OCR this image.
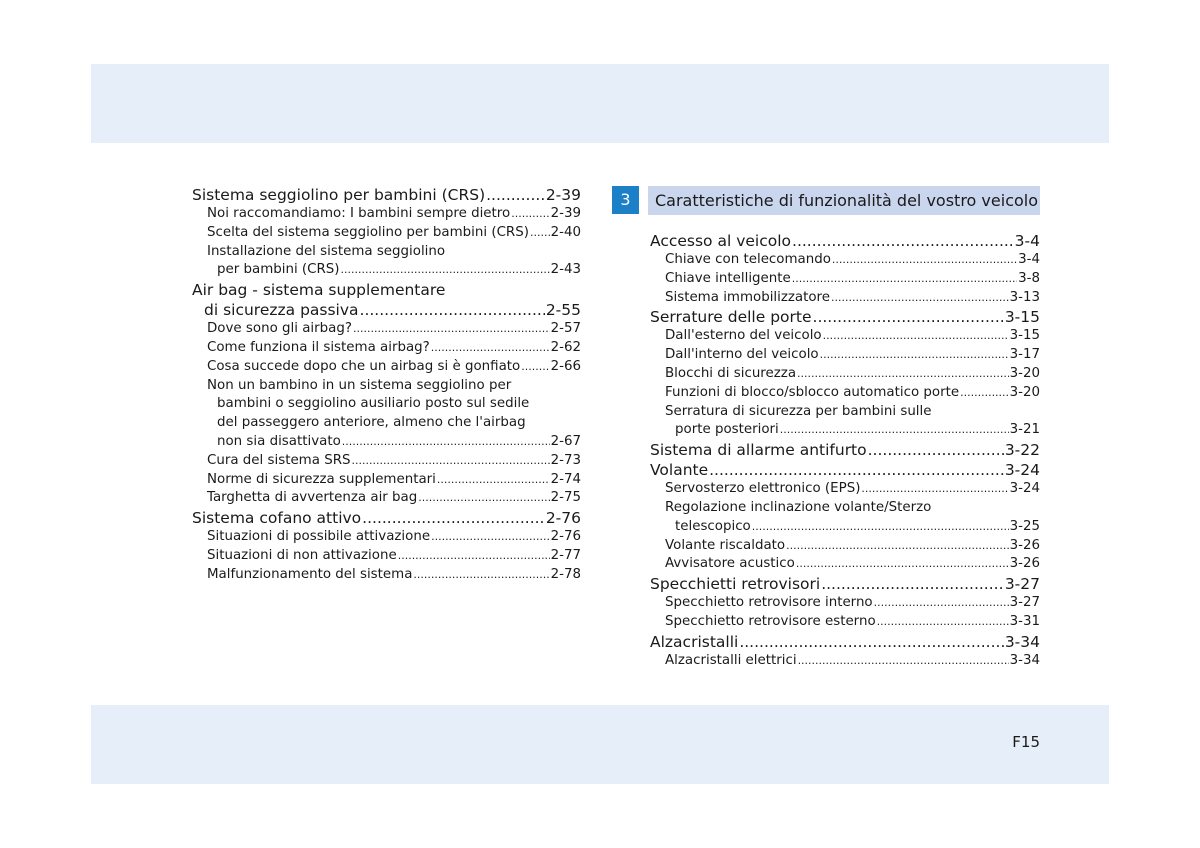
Sistema seggiolino per bambini (CRS) .....	2-39
Noi raccomandiamo: I bambini sempre dietro .....	2-39
Scelta del sistema seggiolino per bambini (CRS) ..... 2-40
Installazione del sistema seggiolino
per bambini (CRS) .....	2-43
Air bag - sistema supplementare
di sicurezza passiva .....	2-55
Dove sono gli airbag? .....	2-57
Come funziona il sistema airbag? .....	2-62
Cosa succede dopo che un airbag si è gonfiato ..... 2-66
Non un bambino in un sistema seggiolino per
bambini o seggiolino ausiliario posto sul sedile
del passeggero anteriore, almeno che l'airbag
non sia disattivato .....	2-67
Cura del sistema SRS .....	2-73
Norme di sicurezza supplementari .....	2-74
Targhetta di avvertenza air bag .....	2-75
Sistema cofano attivo .....	2-76
Situazioni di possibile attivazione .....	2-76
Situazioni di non attivazione .....	2-77
Malfunzionamento del sistema .....	2-78
3	Caratteristiche di funzionalità del vostro veicolo
Accesso al veicolo .....	3-4
Chiave con telecomando .....	3-4
Chiave intelligente .....	3-8
Sistema immobilizzatore .....	3-13
Serrature delle porte .....	3-15
Dall'esterno del veicolo .....	3-15
Dall'interno del veicolo .....	3-17
Blocchi di sicurezza .....	3-20
Funzioni di blocco/sblocco automatico porte .....	3-20
Serratura di sicurezza per bambini sulle
porte posteriori .....	3-21
Sistema di allarme antifurto .....	3-22
Volante .....	3-24
Servosterzo elettronico (EPS) .....	3-24
Regolazione inclinazione volante/Sterzo
telescopico .....	3-25
Volante riscaldato .....	3-26
Avvisatore acustico .....	3-26
Specchietti retrovisori .....	3-27
Specchietto retrovisore interno .....	3-27
Specchietto retrovisore esterno .....	3-31
Alzacristalli .....	3-34
Alzacristalli elettrici .....	3-34
F15
